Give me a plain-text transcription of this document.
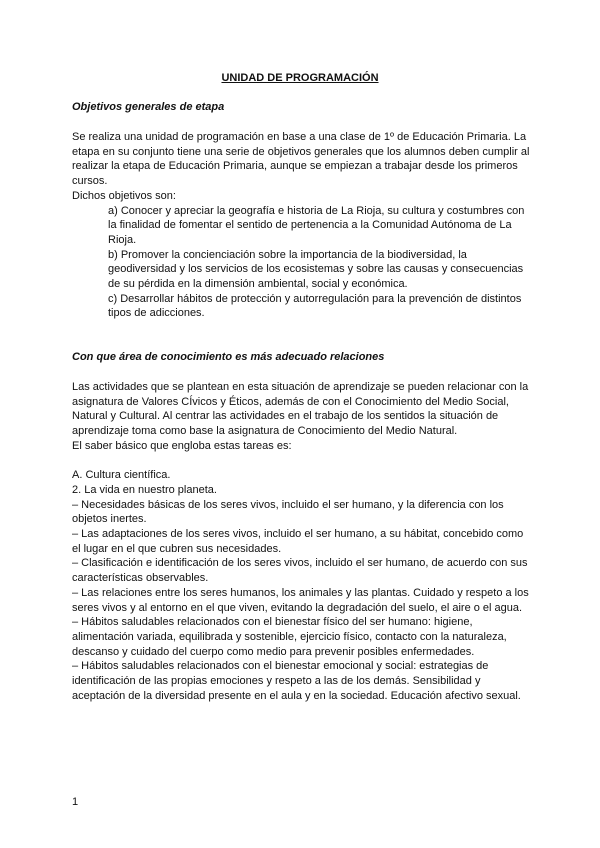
UNIDAD DE PROGRAMACIÓN
Objetivos generales de etapa

Se realiza una unidad de programación en base a una clase de 1º de Educación Primaria. La etapa en su conjunto tiene una serie de objetivos generales que los alumnos deben cumplir al realizar la etapa de Educación Primaria, aunque se empiezan a trabajar desde los primeros cursos.

Dichos objetivos son:

a) Conocer y apreciar la geografía e historia de La Rioja, su cultura y costumbres con la finalidad de fomentar el sentido de pertenencia a la Comunidad Autónoma de La Rioja.

b) Promover la concienciación sobre la importancia de la biodiversidad, la geodiversidad y los servicios de los ecosistemas y sobre las causas y consecuencias de su pérdida en la dimensión ambiental, social y económica.

c) Desarrollar hábitos de protección y autorregulación para la prevención de distintos tipos de adicciones.

Con que área de conocimiento es más adecuado relaciones

Las actividades que se plantean en esta situación de aprendizaje se pueden relacionar con la asignatura de Valores CÍvicos y Éticos, además de con el Conocimiento del Medio Social, Natural y Cultural. Al centrar las actividades en el trabajo de los sentidos la situación de aprendizaje toma como base la asignatura de Conocimiento del Medio Natural.

El saber básico que engloba estas tareas es:

A. Cultura científica.

2. La vida en nuestro planeta.

– Necesidades básicas de los seres vivos, incluido el ser humano, y la diferencia con los objetos inertes.

– Las adaptaciones de los seres vivos, incluido el ser humano, a su hábitat, concebido como el lugar en el que cubren sus necesidades.

– Clasificación e identificación de los seres vivos, incluido el ser humano, de acuerdo con sus características observables.

– Las relaciones entre los seres humanos, los animales y las plantas. Cuidado y respeto a los seres vivos y al entorno en el que viven, evitando la degradación del suelo, el aire o el agua.

– Hábitos saludables relacionados con el bienestar físico del ser humano: higiene, alimentación variada, equilibrada y sostenible, ejercicio físico, contacto con la naturaleza, descanso y cuidado del cuerpo como medio para prevenir posibles enfermedades.

– Hábitos saludables relacionados con el bienestar emocional y social: estrategias de identificación de las propias emociones y respeto a las de los demás. Sensibilidad y aceptación de la diversidad presente en el aula y en la sociedad. Educación afectivo sexual.

1
